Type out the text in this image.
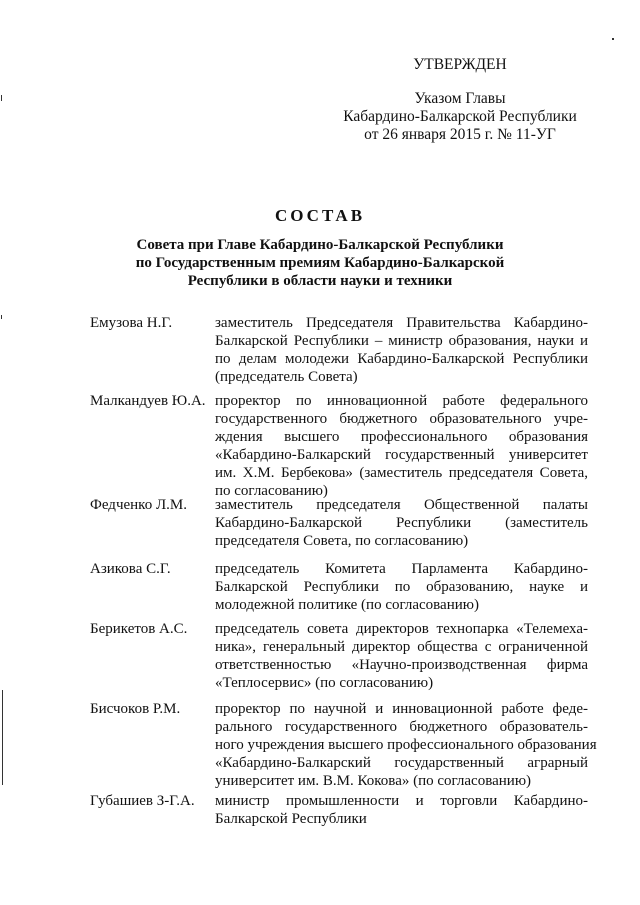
УТВЕРЖДЕН
Указом Главы
Кабардино-Балкарской Республики
от 26 января 2015 г. № 11-УГ
СОСТАВ
Совета при Главе Кабардино-Балкарской Республики
по Государственным премиям Кабардино-Балкарской
Республики в области науки и техники
Емузова Н.Г.	заместитель Председателя Правительства Кабардино-
Балкарской Республики – министр образования, науки и
по делам молодежи Кабардино-Балкарской Республики
(председатель Совета)
Малкандуев Ю.А. проректор по инновационной работе федерального
государственного бюджетного образовательного учре-
ждения высшего профессионального образования
«Кабардино-Балкарский государственный университет
им. Х.М. Бербекова» (заместитель председателя Совета,
по согласованию)
Федченко Л.М.	заместитель председателя Общественной палаты
Кабардино-Балкарской Республики (заместитель
председателя Совета, по согласованию)
Азикова С.Г.	председатель Комитета Парламента Кабардино-
Балкарской Республики по образованию, науке и
молодежной политике (по согласованию)
Берикетов А.С.	председатель совета директоров технопарка «Телемеха-
ника», генеральный директор общества с ограниченной
ответственностью «Научно-производственная фирма
«Теплосервис» (по согласованию)
Бисчоков Р.М.	проректор по научной и инновационной работе феде-
рального государственного бюджетного образователь-
ного учреждения высшего профессионального образования
«Кабардино-Балкарский государственный аграрный
университет им. В.М. Кокова» (по согласованию)
Губашиев З-Г.А.	министр промышленности и торговли Кабардино-
Балкарской Республики
